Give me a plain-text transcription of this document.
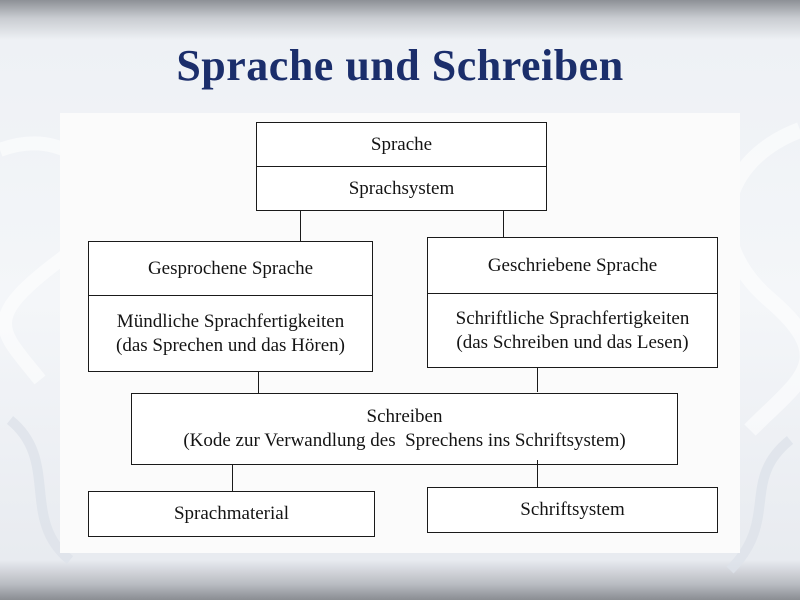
Sprache und Schreiben
Sprache
Sprachsystem
Gesprochene Sprache
Mündliche Sprachfertigkeiten
(das Sprechen und das Hören)
Geschriebene Sprache
Schriftliche Sprachfertigkeiten
(das Schreiben und das Lesen)
Schreiben
(Kode zur Verwandlung des  Sprechens ins Schriftsystem)
Sprachmaterial	Schriftsystem
